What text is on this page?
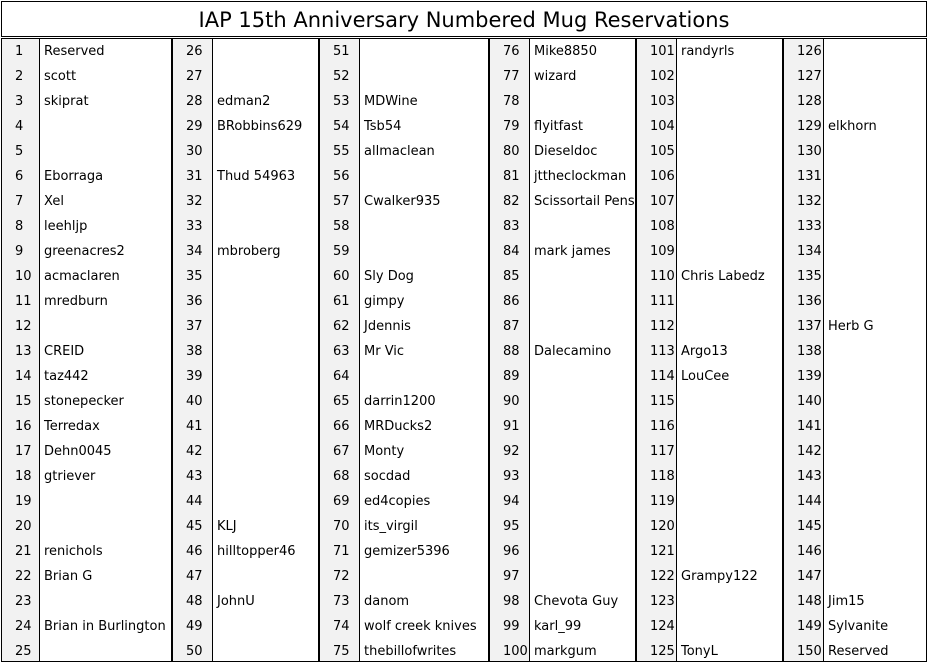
IAP 15th Anniversary Numbered Mug Reservations
1	Reserved
2	scott
3	skiprat
4
5
6	Eborraga
7	Xel
8	leehljp
9	greenacres2
10 acmaclaren
11 mredburn
12
13 CREID
14 taz442
15 stonepecker
16 Terredax
17 Dehn0045
18 gtriever
19
20
21 renichols
22 Brian G
23
24 Brian in Burlington
25
26
27
28	edman2
29	BRobbins629
30
31	Thud 54963
32
33
34	mbroberg
35
36
37
38
39
40
41
42
43
44
45	KLJ
46	hilltopper46
47
48	JohnU
49
50
51
52
53	MDWine
54	Tsb54
55	allmaclean
56
57	Cwalker935
58
59
60	Sly Dog
61	gimpy
62	Jdennis
63	Mr Vic
64
65	darrin1200
66	MRDucks2
67	Monty
68	socdad
69	ed4copies
70	its_virgil
71	gemizer5396
72
73	danom
74	wolf creek knives
75	thebillofwrites
76	Mike8850
77	wizard
78
79	flyitfast
80	Dieseldoc
81	jttheclockman
82	Scissortail Pens
83
84	mark james
85
86
87
88	Dalecamino
89
90
91
92
93
94
95
96
97
98	Chevota Guy
99	karl_99
100 markgum
101 randyrls
102
103
104
105
106
107
108
109
110 Chris Labedz
111
112
113 Argo13
114 LouCee
115
116
117
118
119
120
121
122 Grampy122
123
124
125 TonyL
126
127
128
129 elkhorn
130
131
132
133
134
135
136
137 Herb G
138
139
140
141
142
143
144
145
146
147
148 Jim15
149 Sylvanite
150 Reserved
